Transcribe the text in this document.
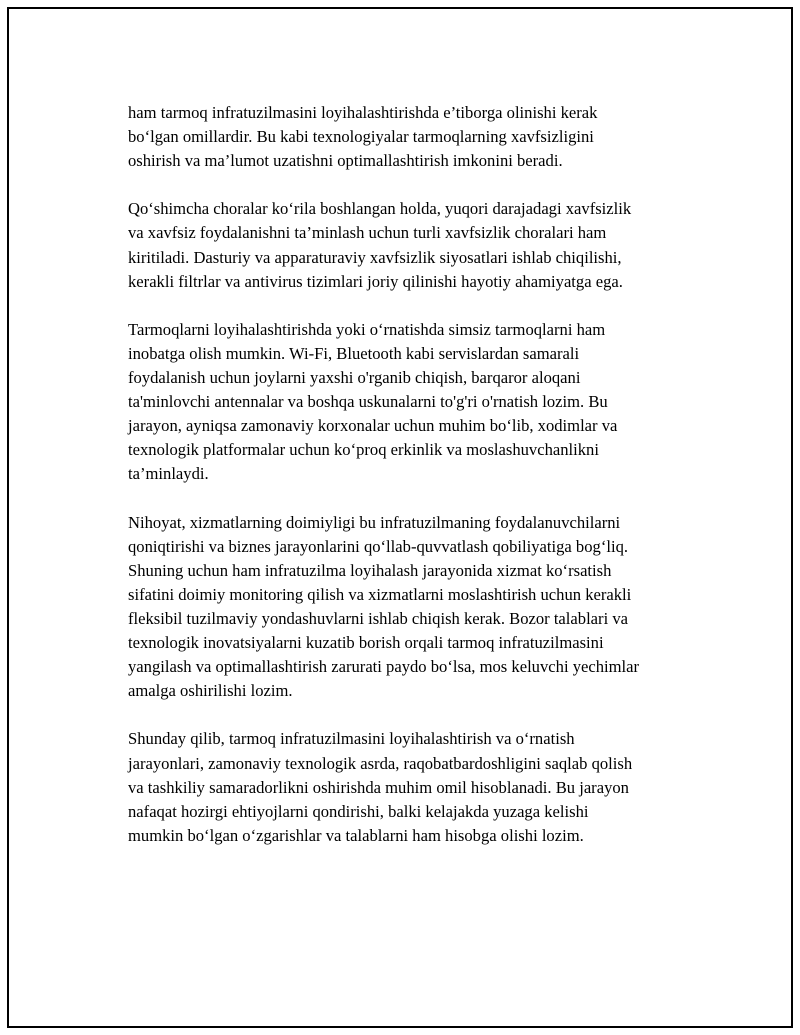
ham tarmoq infratuzilmasini loyihalashtirishda e’tiborga olinishi kerak
bo‘lgan omillardir. Bu kabi texnologiyalar tarmoqlarning xavfsizligini
oshirish va ma’lumot uzatishni optimallashtirish imkonini beradi.

Qo‘shimcha choralar ko‘rila boshlangan holda, yuqori darajadagi xavfsizlik
va xavfsiz foydalanishni ta’minlash uchun turli xavfsizlik choralari ham
kiritiladi. Dasturiy va apparaturaviy xavfsizlik siyosatlari ishlab chiqilishi,
kerakli filtrlar va antivirus tizimlari joriy qilinishi hayotiy ahamiyatga ega.

Tarmoqlarni loyihalashtirishda yoki o‘rnatishda simsiz tarmoqlarni ham
inobatga olish mumkin. Wi-Fi, Bluetooth kabi servislardan samarali
foydalanish uchun joylarni yaxshi o'rganib chiqish, barqaror aloqani
ta'minlovchi antennalar va boshqa uskunalarni to'g'ri o'rnatish lozim. Bu
jarayon, ayniqsa zamonaviy korxonalar uchun muhim bo‘lib, xodimlar va
texnologik platformalar uchun ko‘proq erkinlik va moslashuvchanlikni
ta’minlaydi.

Nihoyat, xizmatlarning doimiyligi bu infratuzilmaning foydalanuvchilarni
qoniqtirishi va biznes jarayonlarini qo‘llab-quvvatlash qobiliyatiga bog‘liq.
Shuning uchun ham infratuzilma loyihalash jarayonida xizmat ko‘rsatish
sifatini doimiy monitoring qilish va xizmatlarni moslashtirish uchun kerakli
fleksibil tuzilmaviy yondashuvlarni ishlab chiqish kerak. Bozor talablari va
texnologik inovatsiyalarni kuzatib borish orqali tarmoq infratuzilmasini
yangilash va optimallashtirish zarurati paydo bo‘lsa, mos keluvchi yechimlar
amalga oshirilishi lozim.

Shunday qilib, tarmoq infratuzilmasini loyihalashtirish va o‘rnatish
jarayonlari, zamonaviy texnologik asrda, raqobatbardoshligini saqlab qolish
va tashkiliy samaradorlikni oshirishda muhim omil hisoblanadi. Bu jarayon
nafaqat hozirgi ehtiyojlarni qondirishi, balki kelajakda yuzaga kelishi
mumkin bo‘lgan o‘zgarishlar va talablarni ham hisobga olishi lozim.
